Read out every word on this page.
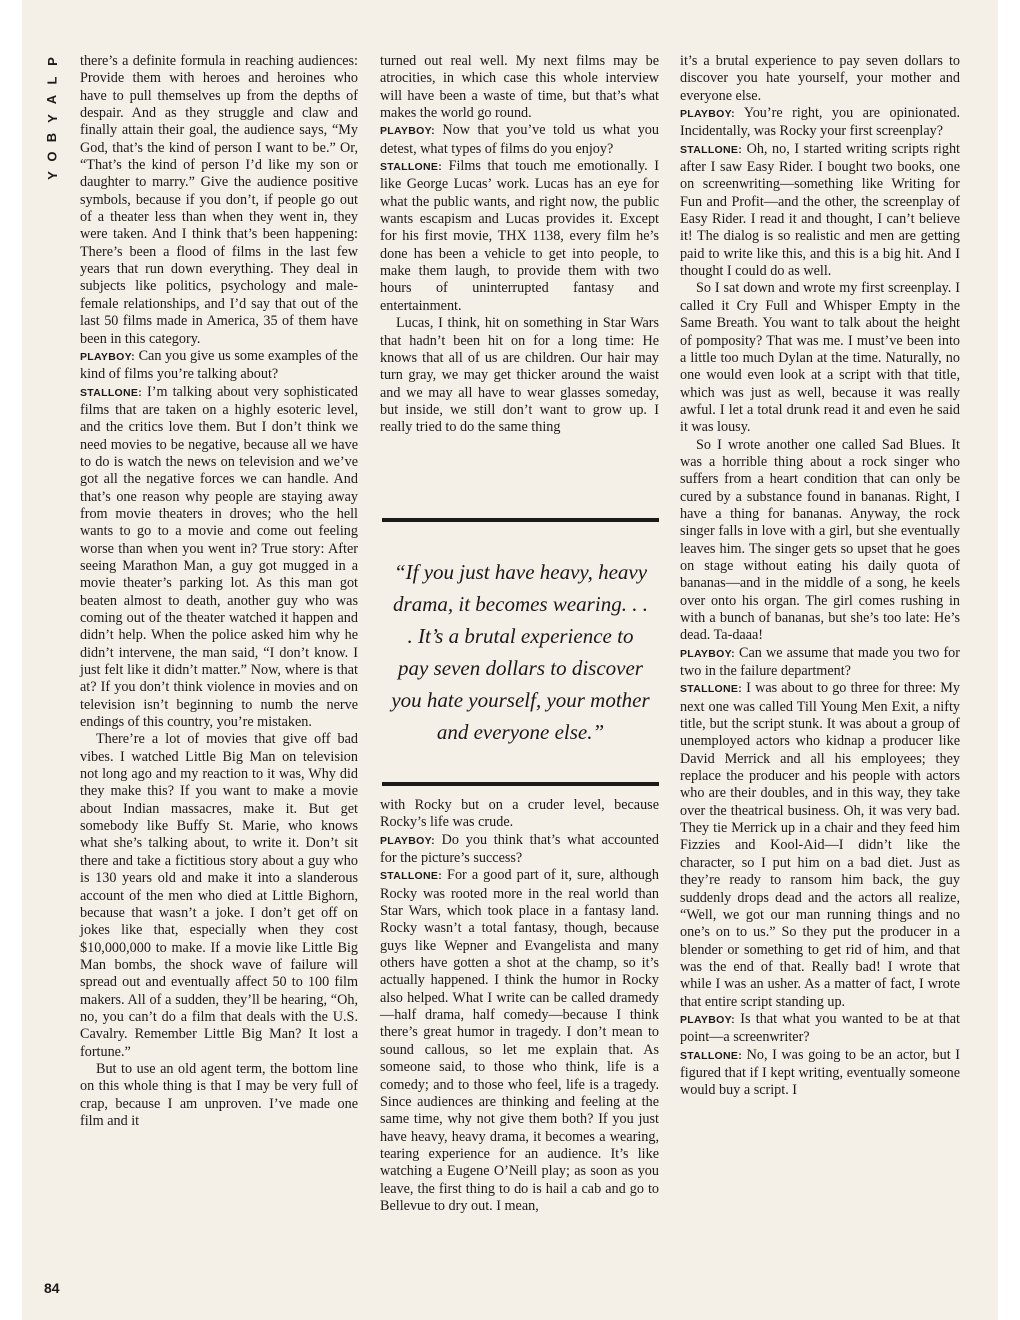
P
L
A
Y
B
O
Y
84

there’s a definite formula in reaching audiences: Provide them with heroes and heroines who have to pull themselves up from the depths of despair. And as they struggle and claw and finally attain their goal, the audience says, “My God, that’s the kind of person I want to be.” Or, “That’s the kind of person I’d like my son or daughter to marry.” Give the audience positive symbols, because if you don’t, if people go out of a theater less than when they went in, they were taken. And I think that’s been happening: There’s been a flood of films in the last few years that run down everything. They deal in subjects like politics, psychology and male-female relationships, and I’d say that out of the last 50 films made in America, 35 of them have been in this category.

PLAYBOY: Can you give us some examples of the kind of films you’re talking about?

STALLONE: I’m talking about very sophisticated films that are taken on a highly esoteric level, and the critics love them. But I don’t think we need movies to be negative, because all we have to do is watch the news on television and we’ve got all the negative forces we can handle. And that’s one reason why people are staying away from movie theaters in droves; who the hell wants to go to a movie and come out feeling worse than when you went in? True story: After seeing Marathon Man, a guy got mugged in a movie theater’s parking lot. As this man got beaten almost to death, another guy who was coming out of the theater watched it happen and didn’t help. When the police asked him why he didn’t intervene, the man said, “I don’t know. I just felt like it didn’t matter.” Now, where is that at? If you don’t think violence in movies and on television isn’t beginning to numb the nerve endings of this country, you’re mistaken.

There’re a lot of movies that give off bad vibes. I watched Little Big Man on television not long ago and my reaction to it was, Why did they make this? If you want to make a movie about Indian massacres, make it. But get somebody like Buffy St. Marie, who knows what she’s talking about, to write it. Don’t sit there and take a fictitious story about a guy who is 130 years old and make it into a slanderous account of the men who died at Little Bighorn, because that wasn’t a joke. I don’t get off on jokes like that, especially when they cost $10,000,000 to make. If a movie like Little Big Man bombs, the shock wave of failure will spread out and eventually affect 50 to 100 film makers. All of a sudden, they’ll be hearing, “Oh, no, you can’t do a film that deals with the U.S. Cavalry. Remember Little Big Man? It lost a fortune.”

But to use an old agent term, the bottom line on this whole thing is that I may be very full of crap, because I am unproven. I’ve made one film and it

turned out real well. My next films may be atrocities, in which case this whole interview will have been a waste of time, but that’s what makes the world go round.

PLAYBOY: Now that you’ve told us what you detest, what types of films do you enjoy?

STALLONE: Films that touch me emotionally. I like George Lucas’ work. Lucas has an eye for what the public wants, and right now, the public wants escapism and Lucas provides it. Except for his first movie, THX 1138, every film he’s done has been a vehicle to get into people, to make them laugh, to provide them with two hours of uninterrupted fantasy and entertainment.

Lucas, I think, hit on something in Star Wars that hadn’t been hit on for a long time: He knows that all of us are children. Our hair may turn gray, we may get thicker around the waist and we may all have to wear glasses someday, but inside, we still don’t want to grow up. I really tried to do the same thing

“If you just have heavy, heavy drama, it becomes wearing. . . . It’s a brutal experience to pay seven dollars to discover you hate yourself, your mother and everyone else.”

with Rocky but on a cruder level, because Rocky’s life was crude.

PLAYBOY: Do you think that’s what accounted for the picture’s success?

STALLONE: For a good part of it, sure, although Rocky was rooted more in the real world than Star Wars, which took place in a fantasy land. Rocky wasn’t a total fantasy, though, because guys like Wepner and Evangelista and many others have gotten a shot at the champ, so it’s actually happened. I think the humor in Rocky also helped. What I write can be called dramedy—half drama, half comedy—because I think there’s great humor in tragedy. I don’t mean to sound callous, so let me explain that. As someone said, to those who think, life is a comedy; and to those who feel, life is a tragedy. Since audiences are thinking and feeling at the same time, why not give them both? If you just have heavy, heavy drama, it becomes a wearing, tearing experience for an audience. It’s like watching a Eugene O’Neill play; as soon as you leave, the first thing to do is hail a cab and go to Bellevue to dry out. I mean,

it’s a brutal experience to pay seven dollars to discover you hate yourself, your mother and everyone else.

PLAYBOY: You’re right, you are opinionated. Incidentally, was Rocky your first screenplay?

STALLONE: Oh, no, I started writing scripts right after I saw Easy Rider. I bought two books, one on screenwriting—something like Writing for Fun and Profit—and the other, the screenplay of Easy Rider. I read it and thought, I can’t believe it! The dialog is so realistic and men are getting paid to write like this, and this is a big hit. And I thought I could do as well.

So I sat down and wrote my first screenplay. I called it Cry Full and Whisper Empty in the Same Breath. You want to talk about the height of pomposity? That was me. I must’ve been into a little too much Dylan at the time. Naturally, no one would even look at a script with that title, which was just as well, because it was really awful. I let a total drunk read it and even he said it was lousy.

So I wrote another one called Sad Blues. It was a horrible thing about a rock singer who suffers from a heart condition that can only be cured by a substance found in bananas. Right, I have a thing for bananas. Anyway, the rock singer falls in love with a girl, but she eventually leaves him. The singer gets so upset that he goes on stage without eating his daily quota of bananas—and in the middle of a song, he keels over onto his organ. The girl comes rushing in with a bunch of bananas, but she’s too late: He’s dead. Ta-daaa!

PLAYBOY: Can we assume that made you two for two in the failure department?

STALLONE: I was about to go three for three: My next one was called Till Young Men Exit, a nifty title, but the script stunk. It was about a group of unemployed actors who kidnap a producer like David Merrick and all his employees; they replace the producer and his people with actors who are their doubles, and in this way, they take over the theatrical business. Oh, it was very bad. They tie Merrick up in a chair and they feed him Fizzies and Kool-Aid—I didn’t like the character, so I put him on a bad diet. Just as they’re ready to ransom him back, the guy suddenly drops dead and the actors all realize, “Well, we got our man running things and no one’s on to us.” So they put the producer in a blender or something to get rid of him, and that was the end of that. Really bad! I wrote that while I was an usher. As a matter of fact, I wrote that entire script standing up.

PLAYBOY: Is that what you wanted to be at that point—a screenwriter?

STALLONE: No, I was going to be an actor, but I figured that if I kept writing, eventually someone would buy a script. I
